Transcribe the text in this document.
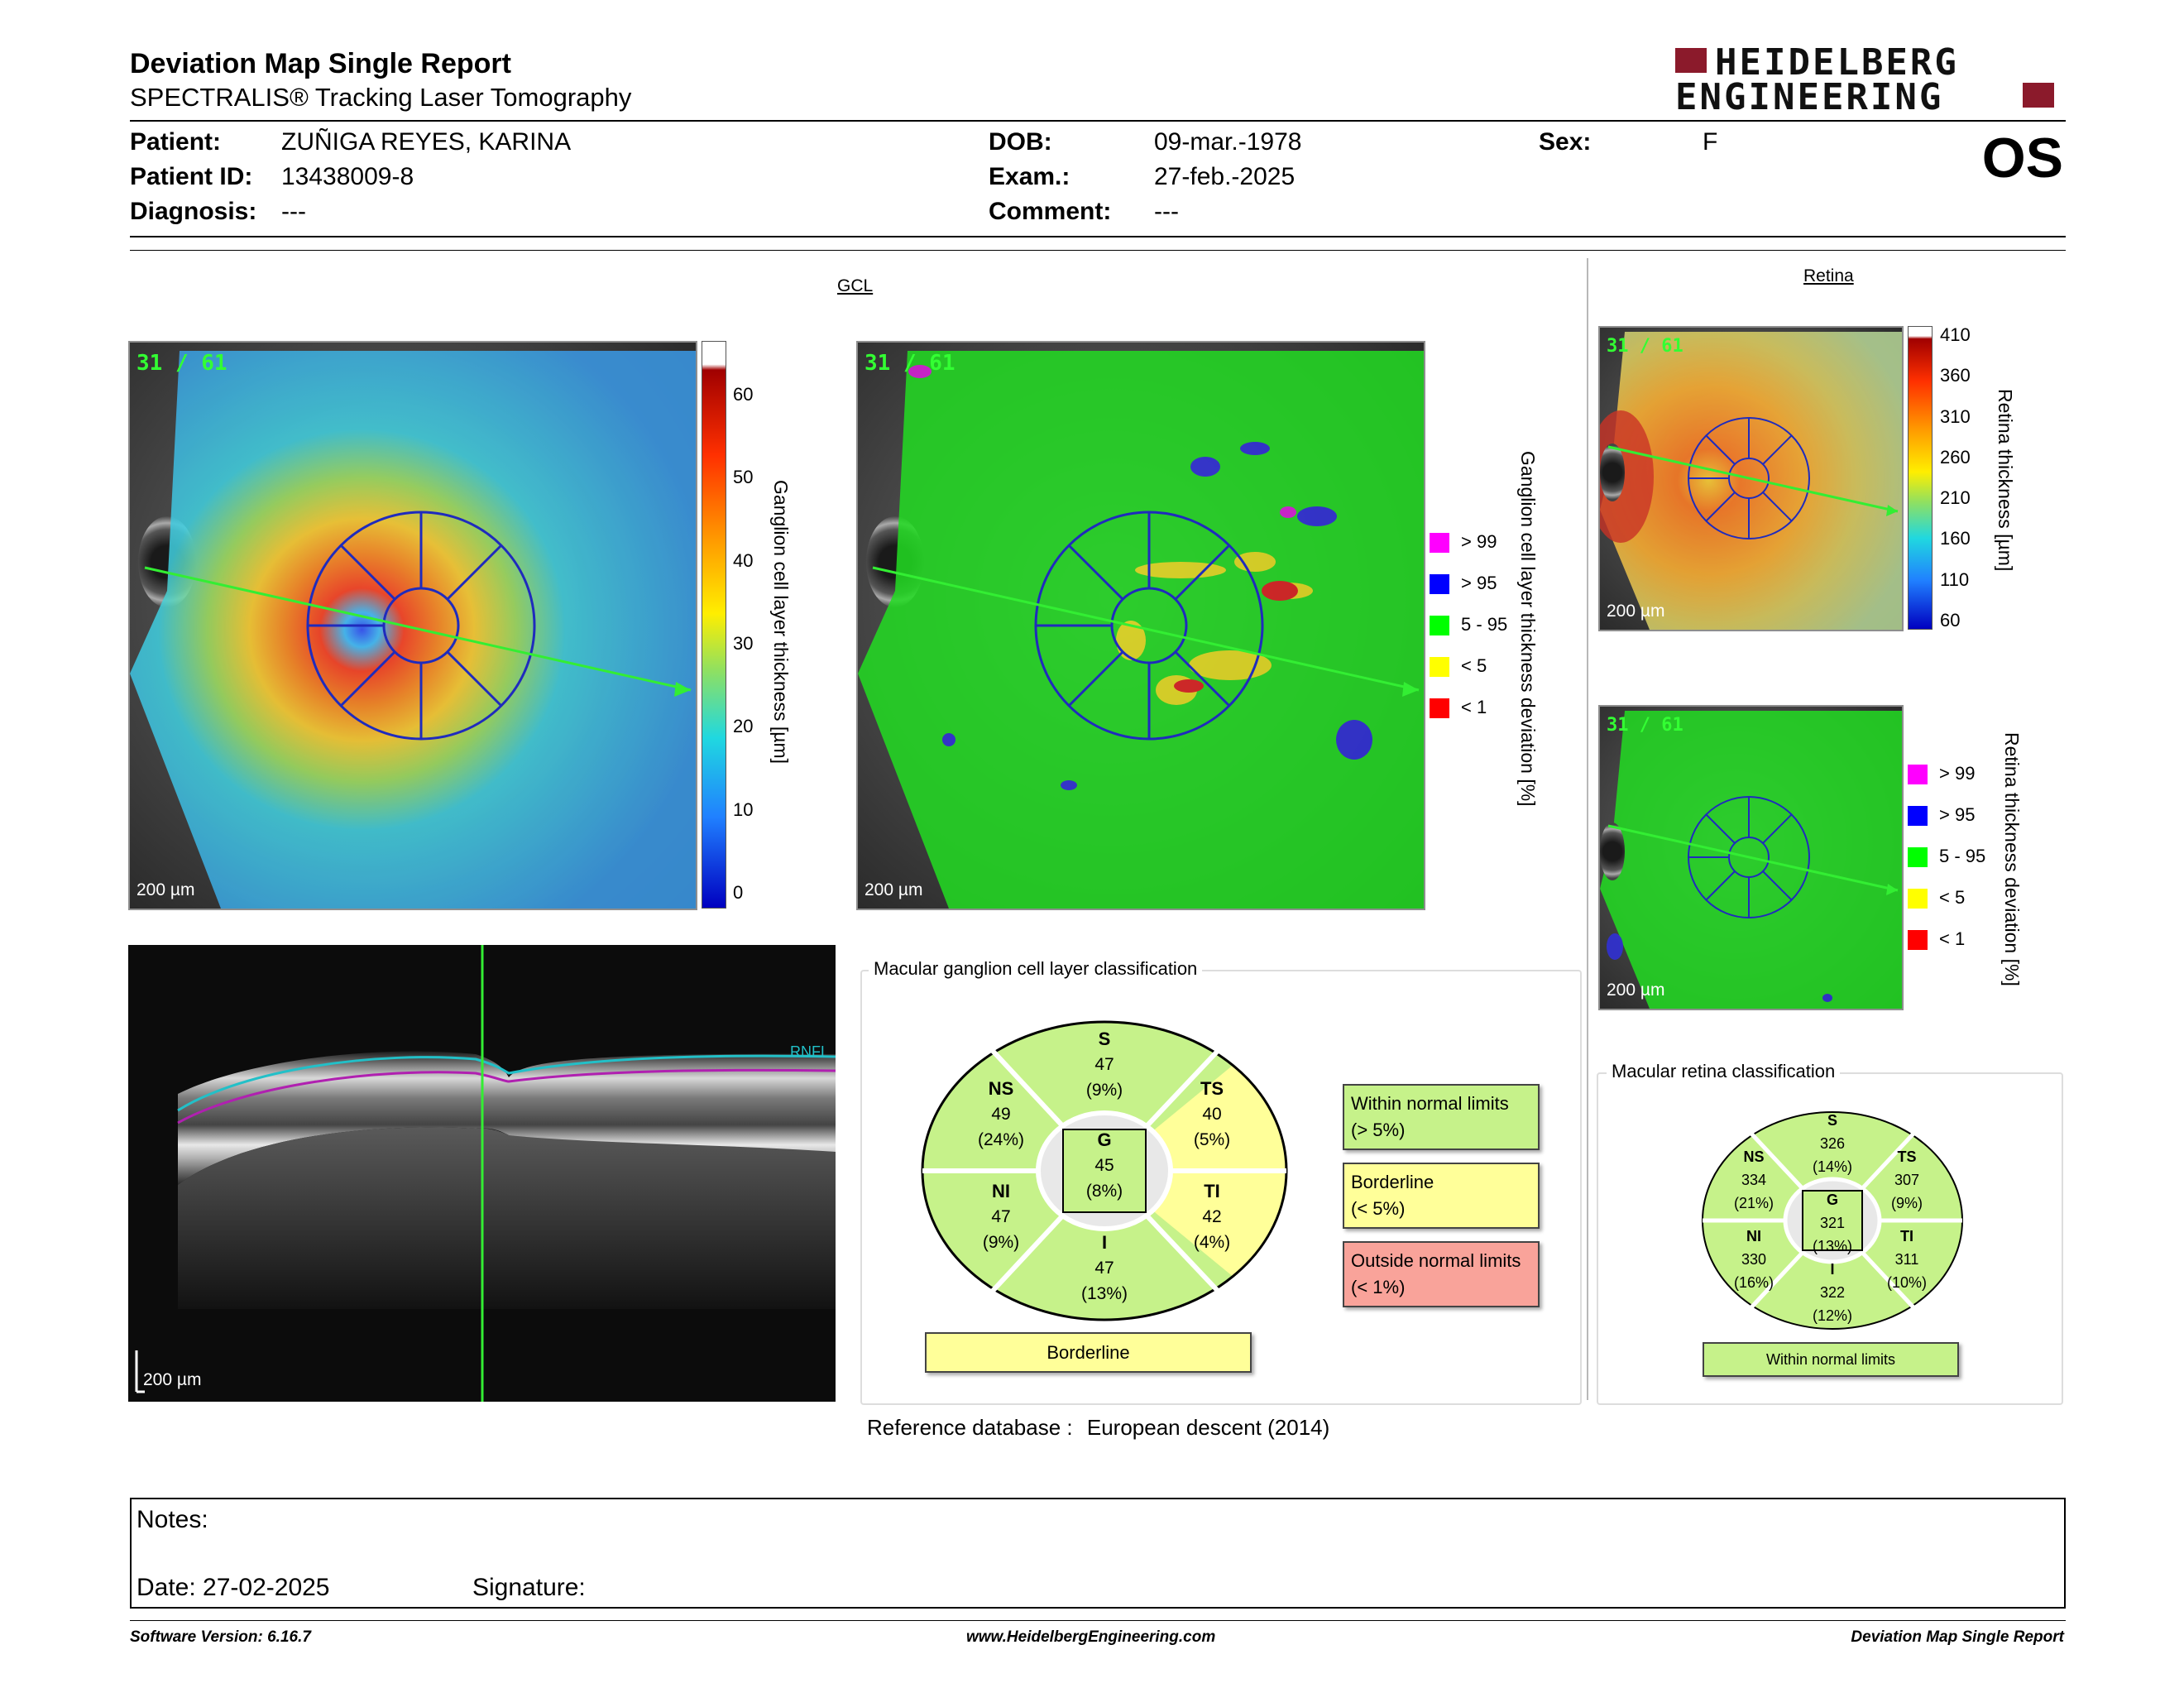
Deviation Map Single Report
SPECTRALIS® Tracking Laser Tomography
HEIDELBERG
ENGINEERING
Patient: ZUÑIGA REYES, KARINA
Patient ID: 13438009-8
Diagnosis: ---
DOB:	09-mar.-1978
Exam.:	27-feb.-2025
Comment: ---
Sex:	F	OS
GCL
31 / 61
200 µm
60
50
40
30
20
10
0
Ganglion cell layer thickness [µm]
31 / 61
200 µm
> 99
> 95
5 - 95
< 5
< 1 Ganglion cell layer thickness deviation [%]
RNFL
200 µm
Macular ganglion cell layer classification
S
47
(9%)
NS
49
(24%)
TS
40
(5%)
G
45
(8%)
NI
47
(9%)
TI
42
(4%)
I
47
(13%)
Borderline
Within normal limits
(> 5%)
Borderline
(< 5%)
Outside normal limits
(< 1%)
Reference database : European descent (2014)
Retina
31 / 61
200 µm
410
360
310
260
210
160
110
60
Retina thickness [µm]
31 / 61
200 µm
> 99
> 95
5 - 95
< 5
< 1 Retina thickness deviation [%]
Macular retina classification
S
326
(14%)
NS
334
(21%)
TS
307
(9%)
G
321
(13%)
NI
330
(16%)
TI
311
(10%)
I
322
(12%)
Within normal limits
Notes:
Date: 27-02-2025	Signature:
Software Version: 6.16.7	www.HeidelbergEngineering.com	Deviation Map Single Report
